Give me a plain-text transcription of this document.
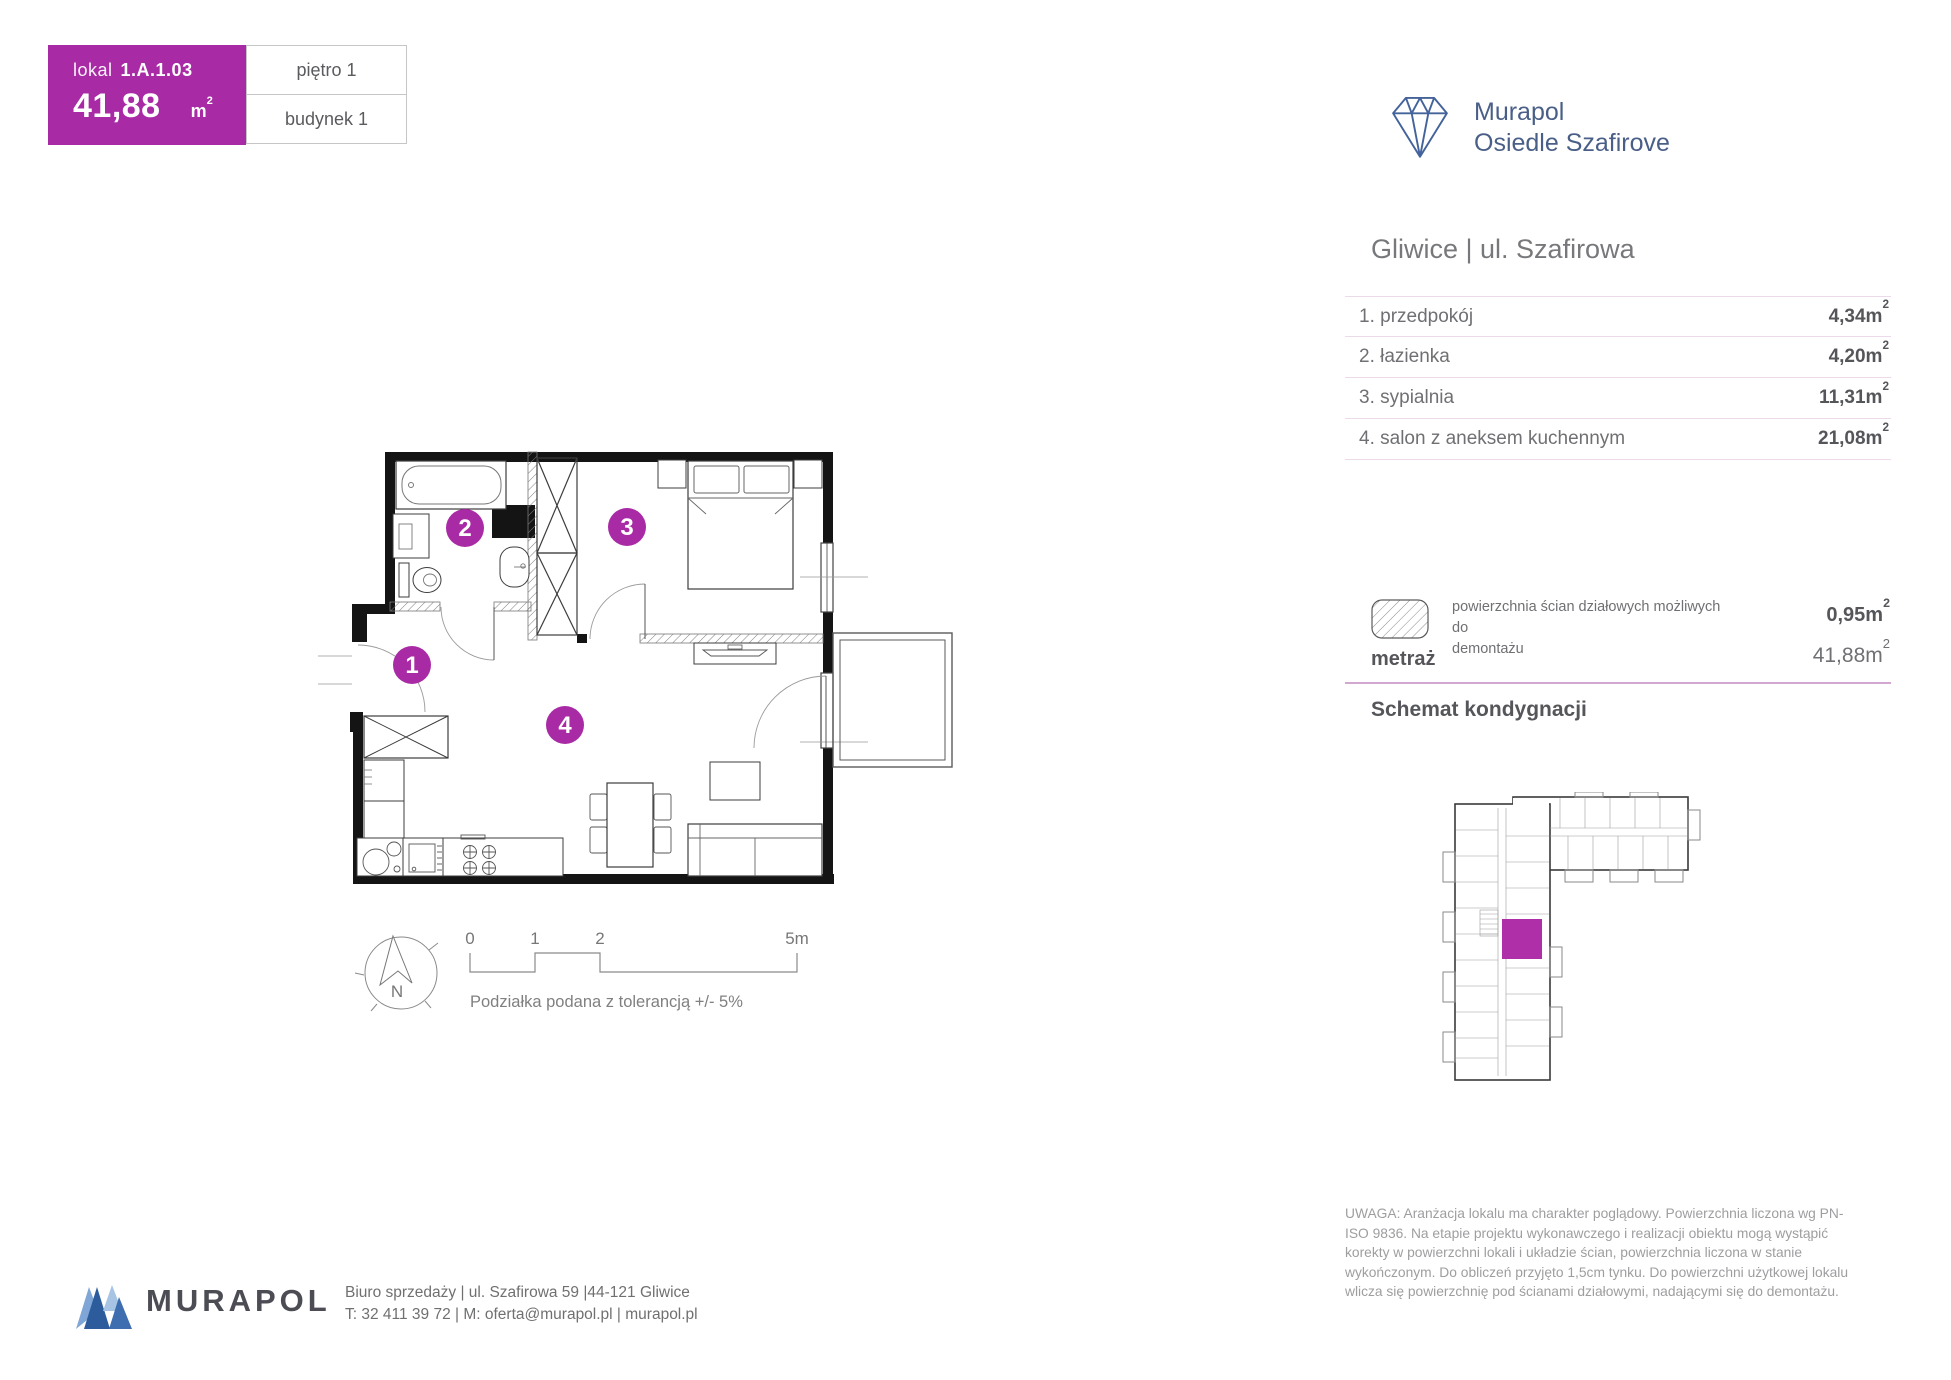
lokal 1.A.1.03
41,88 $m^2$
piętro 1
budynek 1	Murapol
Osiedle Szafirove
Gliwice | ul. Szafirowa
1. przedpokój	$4,34m^2$
2. łazienka	$4,20m^2$
3. sypialnia	$11,31m^2$
4. salon z aneksem kuchennym	$21,08m^2$
powierzchnia ścian działowych możliwych do
demontażu
$0,95m^2$
metraż	$41,88m^2$
Schemat kondygnacji
1
2	3
4
N
0	1	2	5m
Podziałka podana z tolerancją +/- 5%
UWAGA: Aranżacja lokalu ma charakter poglądowy. Powierzchnia liczona wg PN-ISO 9836. Na etapie projektu wykonawczego i realizacji obiektu mogą wystąpić korekty w powierzchni lokali i układzie ścian, powierzchnia liczona w stanie wykończonym. Do obliczeń przyjęto 1,5cm tynku. Do powierzchni użytkowej lokalu wlicza się powierzchnię pod ścianami działowymi, nadającymi się do demontażu.
MURAPOL Biuro sprzedaży | ul. Szafirowa 59 |44-121 Gliwice
T: 32 411 39 72 | M: oferta@murapol.pl | murapol.pl
